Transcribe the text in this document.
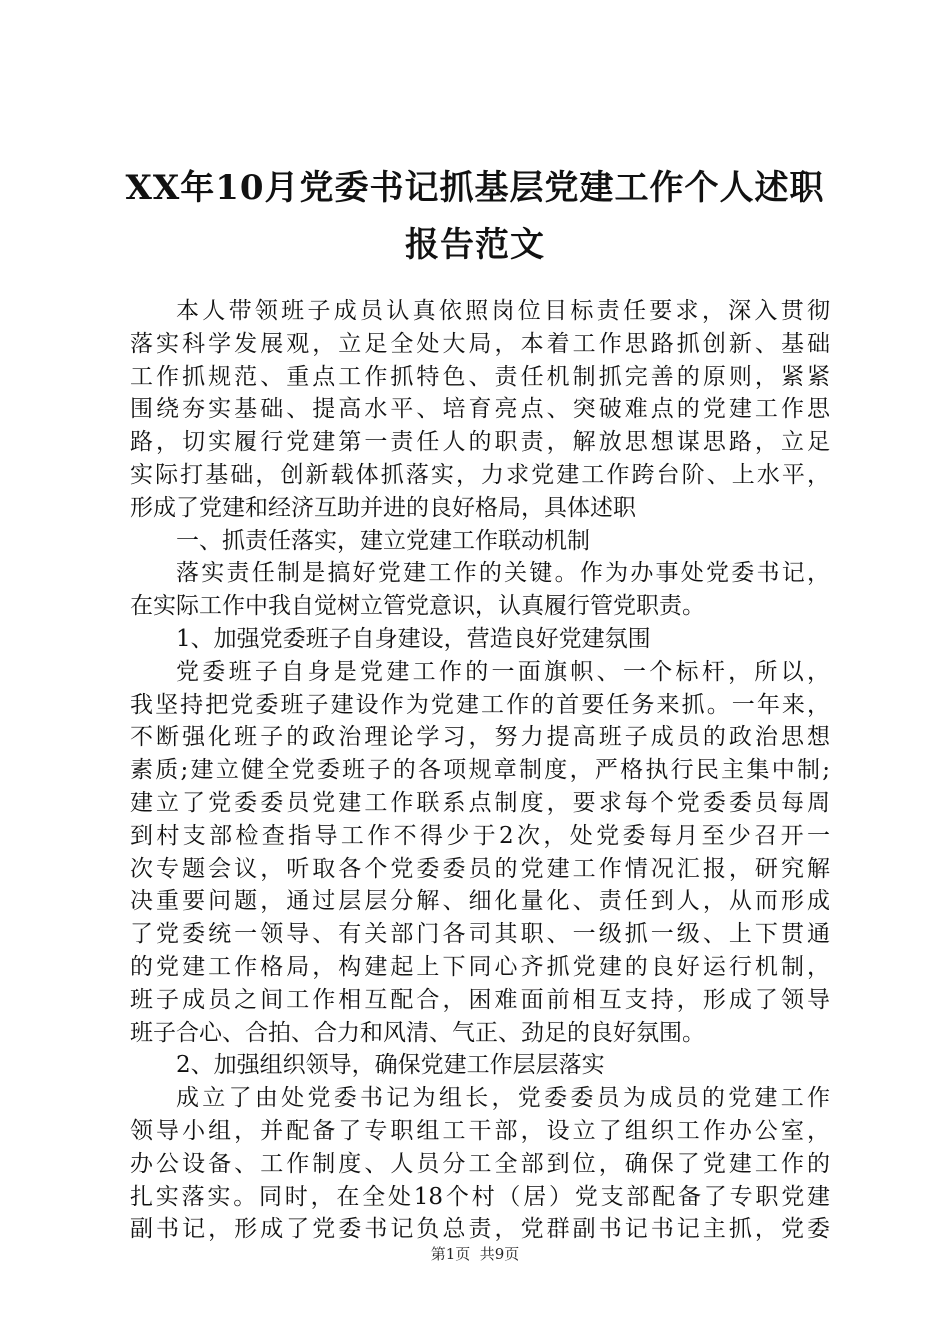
XX年10月党委书记抓基层党建工作个人述职
报告范文
本人带领班子成员认真依照岗位目标责任要求，深入贯彻
落实科学发展观，立足全处大局，本着工作思路抓创新、基础
工作抓规范、重点工作抓特色、责任机制抓完善的原则，紧紧
围绕夯实基础、提高水平、培育亮点、突破难点的党建工作思
路，切实履行党建第一责任人的职责，解放思想谋思路，立足
实际打基础，创新载体抓落实，力求党建工作跨台阶、上水平，
形成了党建和经济互助并进的良好格局，具体述职
一、抓责任落实，建立党建工作联动机制
落实责任制是搞好党建工作的关键。作为办事处党委书记，
在实际工作中我自觉树立管党意识，认真履行管党职责。
1、加强党委班子自身建设，营造良好党建氛围
党委班子自身是党建工作的一面旗帜、一个标杆，所以，
我坚持把党委班子建设作为党建工作的首要任务来抓。一年来，
不断强化班子的政治理论学习，努力提高班子成员的政治思想
素质;建立健全党委班子的各项规章制度，严格执行民主集中制;
建立了党委委员党建工作联系点制度，要求每个党委委员每周
到村支部检查指导工作不得少于2次，处党委每月至少召开一
次专题会议，听取各个党委委员的党建工作情况汇报，研究解
决重要问题，通过层层分解、细化量化、责任到人，从而形成
了党委统一领导、有关部门各司其职、一级抓一级、上下贯通
的党建工作格局，构建起上下同心齐抓党建的良好运行机制，
班子成员之间工作相互配合，困难面前相互支持，形成了领导
班子合心、合拍、合力和风清、气正、劲足的良好氛围。
2、加强组织领导，确保党建工作层层落实
成立了由处党委书记为组长，党委委员为成员的党建工作
领导小组，并配备了专职组工干部，设立了组织工作办公室，
办公设备、工作制度、人员分工全部到位，确保了党建工作的
扎实落实。同时，在全处18个村（居）党支部配备了专职党建
副书记，形成了党委书记负总责，党群副书记书记主抓，党委
第1页  共9页
